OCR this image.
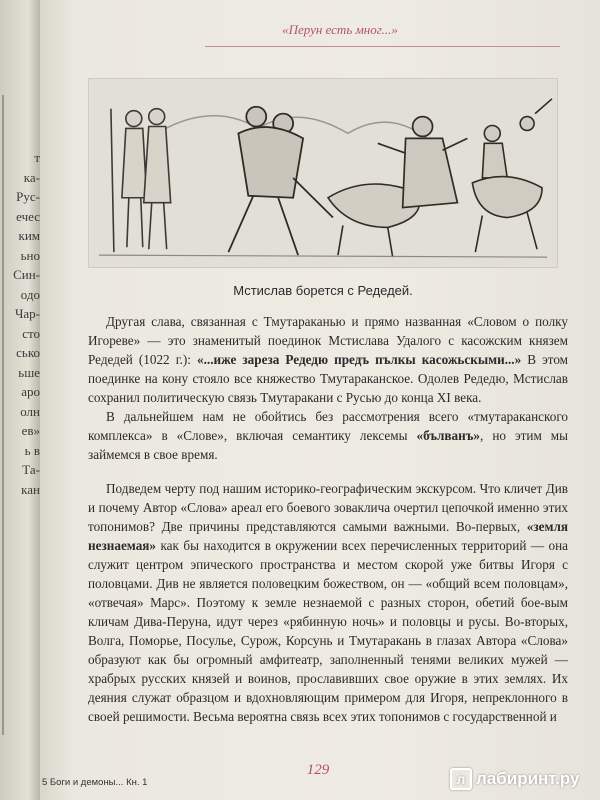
т
ка-
Рус-
ечес
ким
ьно
Син-
одо
Чар-
сто
сько
ьше
аро
олн
ев»
ь в
Та-
кан
«Перун есть мног...»
Мстислав борется с Редедей.

Другая слава, связанная с Тмутараканью и прямо названная «Словом о полку Игореве» — это знаменитый поединок Мстислава Удалого с касожским князем Редедей (1022 г.): «...иже зареза Редедю предъ пълкы касожьскыми...» В этом поединке на кону стояло все княжество Тмутараканское. Одолев Редедю, Мстислав сохранил политическую связь Тмутаракани с Русью до конца XI века.

В дальнейшем нам не обойтись без рассмотрения всего «тмутараканского комплекса» в «Слове», включая семантику лексемы «бълванъ», но этим мы займемся в свое время.

Подведем черту под нашим историко-географическим экскурсом. Что кличет Див и почему Автор «Слова» ареал его боевого зовакличa очертил цепочкой именно этих топонимов? Две причины представляются самыми важными. Во-первых, «земля незнаемая» как бы находится в окружении всех перечисленных территорий — она служит центром эпического пространства и местом скорой уже битвы Игоря с половцами. Див не является половецким божеством, он — «общий всем половцам», «отвечая» Марс». Поэтому к земле незнаемой с разных сторон, обетий бое-вым кличам Дива-Перуна, идут через «рябинную ночь» и половцы и русы. Во-вторых, Волга, Поморье, Посулье, Сурож, Корсунь и Тмутаракань в глазах Автора «Слова» образуют как бы огромный амфитеатр, заполненный тенями великих мужей — храбрых русских князей и воинов, прославивших свое оружие в этих землях. Их деяния служат образцом и вдохновляющим примером для Игоря, непреклонного в своей решимости. Весьма вероятна связь всех этих топонимов с государственной и

5 Боги и демоны... Кн. 1
129
л лабиринт.ру
